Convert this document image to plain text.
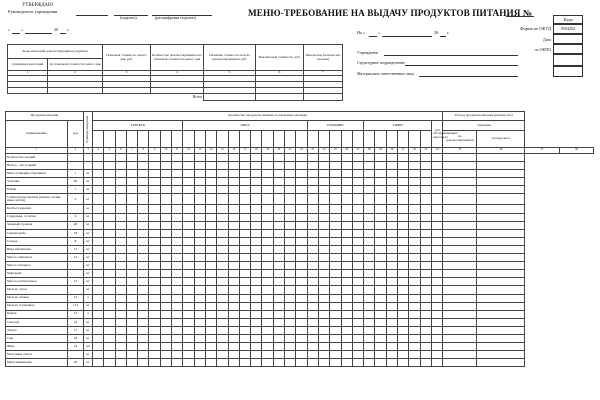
УТВЕРЖДАЮ
Руководитель учреждения
(подпись)	(расшифровка подписи)
«	»	20 г.
МЕНЮ-ТРЕБОВАНИЕ НА ВЫДАЧУ ПРОДУКТОВ ПИТАНИЯ №
Коды
0504202
Форма по ОКУД
Дата
по ОКПО
На «	»	20 г.
Учреждение
Структурное подразделение
Материально ответственное лицо
Коды категорий довольствующихся (группы)		Плановая стоимость одного дня, руб.	Количество довольствующихся по плановой стоимости одного дня	Плановая стоимость на всех довольствующихся, руб.	Фактическая стоимость, руб.	Перерасход (количество человек)
суммарных категорий	по плановой стоимости одного дня					
1	2	3	4	5	6	7

			Всего			
Продукты питания		Единица измерения	Количество продуктов питания, подлежащих закладке																															Расход продуктов питания (количество)			
наименование	код		ЗАВТРАК								ОБЕД											ПОЛДНИК					УЖИН						для обслуживающего персонала	операции			
																																		на довольствующихся	на персонал		
1	2	3	4	5	6	7	8	9	10	11	12	13	14	15	16	17	18	19	20	21	22	23	24	25	26	27	28	29	30	31	32	33	34	35	36	37	38
Количество порций																																					
Выход – вес порций																																					
Мясо (говядина, баранина)	1	кг																																			
Тушенка	60	кг																																			
Птица	7	кг																																			
Субпродукты мясные (печень, почки, язык, мозги)	2	кг																																			
Колбаса вареная		кг																																			
Сардельки, сосиски	6	кг																																			
Зеленый горошек	40	кг																																			
Свежая рыба	53	кг																																			
Сельдь	8	кг																																			
Икра кабачковая	51	кг																																			
Масло сливочное	12	кг																																			
Масло топленое		кг																																			
Маргарин		кг																																			
Масло растительное	13	кг																																			
Молоко сухое		кг																																			
Молоко свежее	14	л																																			
Молоко сгущенное	114	кг																																			
Кефир	15	л																																			
Сметана	16	кг																																			
Творог	17	кг																																			
Сыр	18	кг																																			
Яйцо	19	шт																																			
Молочные смеси		кг																																			
Мука пшеничная	20	кг																																			
